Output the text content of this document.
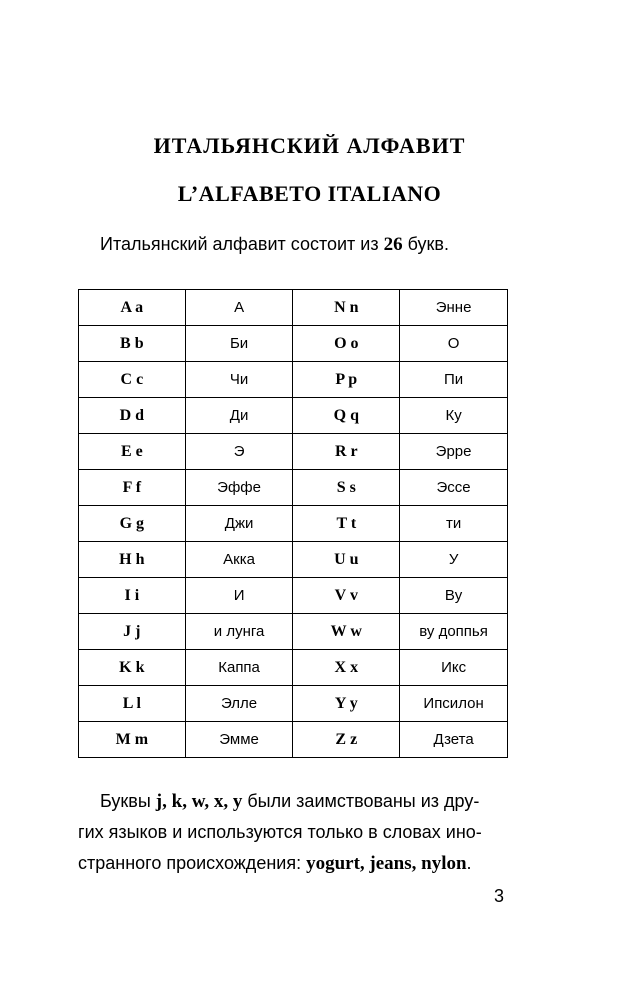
ИТАЛЬЯНСКИЙ АЛФАВИТ
L’ALFABETO ITALIANO
Итальянский алфавит состоит из 26 букв.
A a	А	N n	Энне
B b	Би	O o	О
C c	Чи	P p	Пи
D d	Ди	Q q	Ку
E e	Э	R r	Эрре
F f	Эффе	S s	Эссе
G g	Джи	T t	ти
H h	Акка	U u	У
I i	И	V v	Ву
J j	и лунга	W w	ву доппья
K k	Каппа	X x	Икс
L l	Элле	Y y	Ипсилон
M m	Эмме	Z z	Дзета
Буквы j, k, w, x, y были заимствованы из дру-
гих языков и используются только в словах ино-
странного происхождения: yogurt, jeans, nylon.
3
